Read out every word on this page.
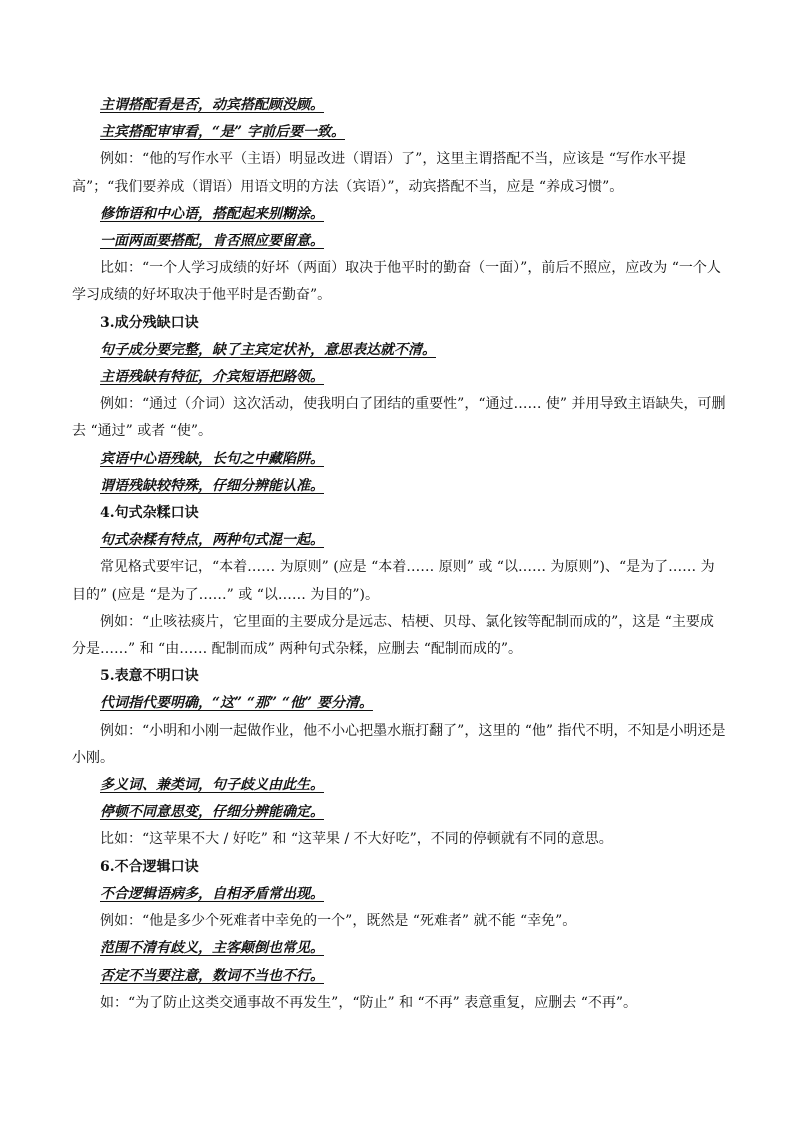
主谓搭配看是否，动宾搭配顾没顾。

主宾搭配审审看，“是” 字前后要一致。

例如：“他的写作水平（主语）明显改进（谓语）了”，这里主谓搭配不当，应该是 “写作水平提高”；“我们要养成（谓语）用语文明的方法（宾语）”，动宾搭配不当，应是 “养成习惯”。

修饰语和中心语，搭配起来别糊涂。

一面两面要搭配，肯否照应要留意。

比如：“一个人学习成绩的好坏（两面）取决于他平时的勤奋（一面）”，前后不照应，应改为 “一个人学习成绩的好坏取决于他平时是否勤奋”。

3.成分残缺口诀

句子成分要完整，缺了主宾定状补，意思表达就不清。

主语残缺有特征，介宾短语把路领。

例如：“通过（介词）这次活动，使我明白了团结的重要性”，“通过…… 使” 并用导致主语缺失，可删去 “通过” 或者 “使”。

宾语中心语残缺，长句之中藏陷阱。

谓语残缺较特殊，仔细分辨能认准。

4.句式杂糅口诀

句式杂糅有特点，两种句式混一起。

常见格式要牢记，“本着…… 为原则” (应是 “本着…… 原则” 或 “以…… 为原则”)、“是为了…… 为目的” (应是 “是为了……” 或 “以…… 为目的”)。

例如：“止咳祛痰片，它里面的主要成分是远志、桔梗、贝母、氯化铵等配制而成的”，这是 “主要成分是……” 和 “由…… 配制而成” 两种句式杂糅，应删去 “配制而成的”。

5.表意不明口诀

代词指代要明确，“这” “那” “他” 要分清。

例如：“小明和小刚一起做作业，他不小心把墨水瓶打翻了”，这里的 “他” 指代不明，不知是小明还是小刚。

多义词、兼类词，句子歧义由此生。

停顿不同意思变，仔细分辨能确定。

比如：“这苹果不大 / 好吃” 和 “这苹果 / 不大好吃”，不同的停顿就有不同的意思。

6.不合逻辑口诀

不合逻辑语病多，自相矛盾常出现。

例如：“他是多少个死难者中幸免的一个”，既然是 “死难者” 就不能 “幸免”。

范围不清有歧义，主客颠倒也常见。

否定不当要注意，数词不当也不行。

如：“为了防止这类交通事故不再发生”，“防止” 和 “不再” 表意重复，应删去 “不再”。
